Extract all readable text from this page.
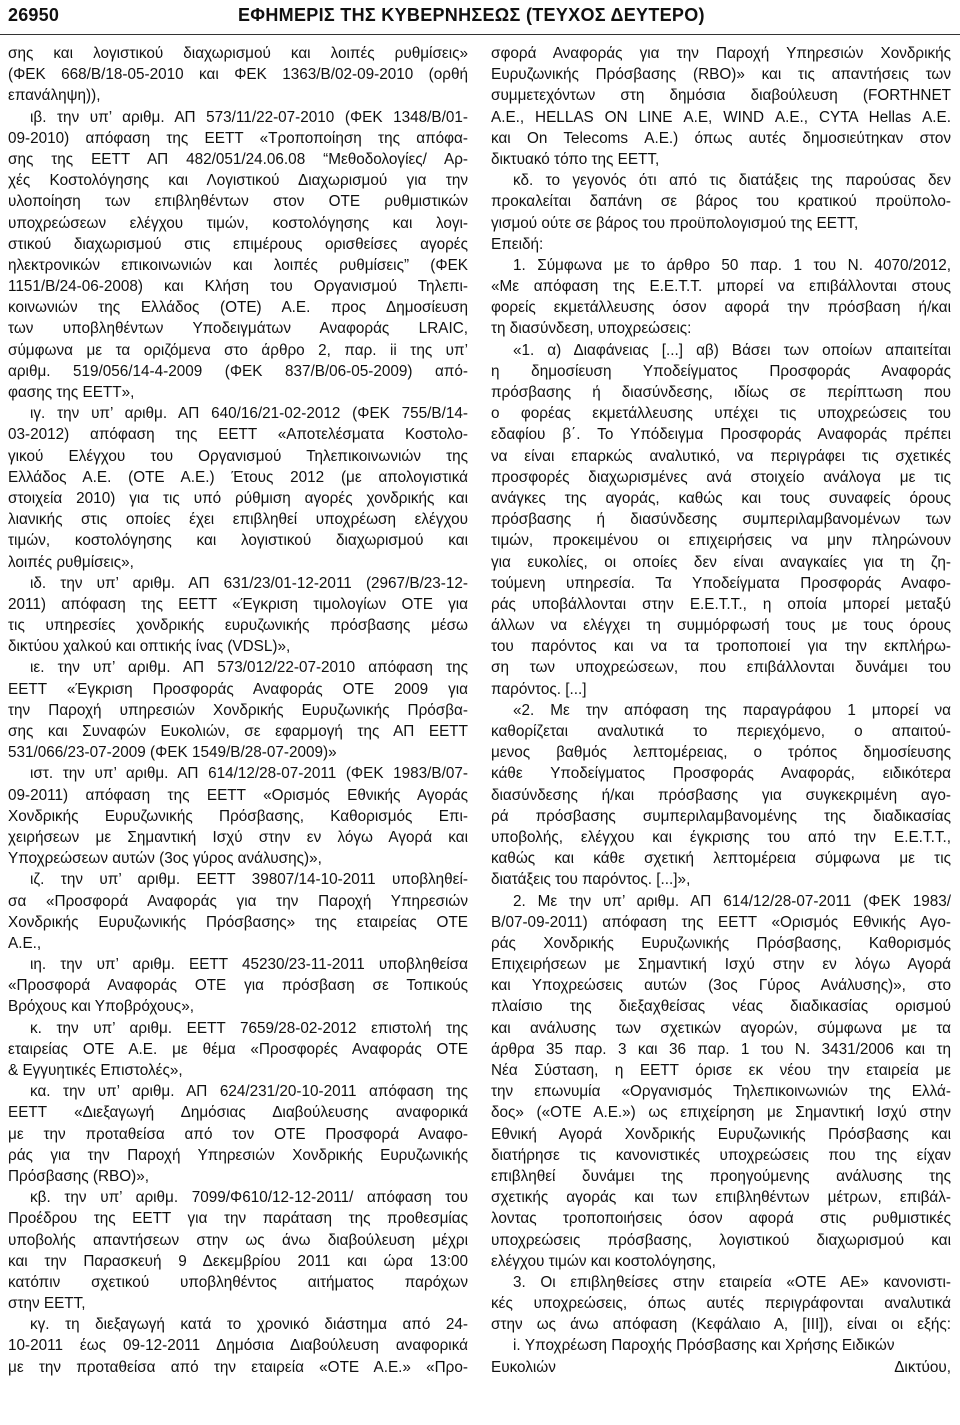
26950	ΕΦΗΜΕΡΙΣ ΤΗΣ ΚΥΒΕΡΝΗΣΕΩΣ (ΤΕΥΧΟΣ ΔΕΥΤΕΡΟ)
σης και λογιστικού διαχωρισμού και λοιπές ρυθμίσεις»
(ΦΕΚ 668/Β/18-05-2010 και ΦΕΚ 1363/Β/02-09-2010 (ορθή
επανάληψη)),
ιβ. την υπ’ αριθμ. ΑΠ 573/11/22-07-2010 (ΦΕΚ 1348/Β/01-
09-2010) απόφαση της ΕΕΤΤ «Τροποποίηση της απόφα-
σης της ΕΕΤΤ ΑΠ 482/051/24.06.08 “Μεθοδολογίες/ Αρ-
χές Κοστολόγησης και Λογιστικού Διαχωρισμού για την
υλοποίηση των επιβληθέντων στον ΟΤΕ ρυθμιστικών
υποχρεώσεων ελέγχου τιμών, κοστολόγησης και λογι-
στικού διαχωρισμού στις επιμέρους ορισθείσες αγορές
ηλεκτρονικών επικοινωνιών και λοιπές ρυθμίσεις” (ΦΕΚ
1151/Β/24-06-2008) και Κλήση του Οργανισμού Τηλεπι-
κοινωνιών της Ελλάδος (ΟΤΕ) Α.Ε. προς Δημοσίευση
των υποβληθέντων Υποδειγμάτων Αναφοράς LRAIC,
σύμφωνα με τα οριζόμενα στο άρθρο 2, παρ. ii της υπ’
αριθμ. 519/056/14-4-2009 (ΦΕΚ 837/Β/06-05-2009) από-
φασης της ΕΕΤΤ»,
ιγ. την υπ’ αριθμ. ΑΠ 640/16/21-02-2012 (ΦΕΚ 755/Β/14-
03-2012) απόφαση της ΕΕΤΤ «Αποτελέσματα Κοστολο-
γικού Ελέγχου του Οργανισμού Τηλεπικοινωνιών της
Ελλάδος Α.Ε. (ΟΤΕ Α.Ε.) Έτους 2012 (με απολογιστικά
στοιχεία 2010) για τις υπό ρύθμιση αγορές χονδρικής και
λιανικής στις οποίες έχει επιβληθεί υποχρέωση ελέγχου
τιμών, κοστολόγησης και λογιστικού διαχωρισμού και
λοιπές ρυθμίσεις»,
ιδ. την υπ’ αριθμ. ΑΠ 631/23/01-12-2011 (2967/Β/23-12-
2011) απόφαση της ΕΕΤΤ «Έγκριση τιμολογίων ΟΤΕ για
τις υπηρεσίες χονδρικής ευρυζωνικής πρόσβασης μέσω
δικτύου χαλκού και οπτικής ίνας (VDSL)»,
ιε. την υπ’ αριθμ. ΑΠ 573/012/22-07-2010 απόφαση της
ΕΕΤΤ «Έγκριση Προσφοράς Αναφοράς ΟΤΕ 2009 για
την Παροχή υπηρεσιών Χονδρικής Ευρυζωνικής Πρόσβα-
σης και Συναφών Ευκολιών, σε εφαρμογή της ΑΠ ΕΕΤΤ
531/066/23-07-2009 (ΦΕΚ 1549/Β/28-07-2009)»
ιστ. την υπ’ αριθμ. ΑΠ 614/12/28-07-2011 (ΦΕΚ 1983/Β/07-
09-2011) απόφαση της ΕΕΤΤ «Ορισμός Εθνικής Αγοράς
Χονδρικής Ευρυζωνικής Πρόσβασης, Καθορισμός Επι-
χειρήσεων με Σημαντική Ισχύ στην εν λόγω Αγορά και
Υποχρεώσεων αυτών (3ος γύρος ανάλυσης)»,
ιζ. την υπ’ αριθμ. ΕΕΤΤ 39807/14-10-2011 υποβληθεί-
σα «Προσφορά Αναφοράς για την Παροχή Υπηρεσιών
Χονδρικής Ευρυζωνικής Πρόσβασης» της εταιρείας ΟΤΕ
Α.Ε.,
ιη. την υπ’ αριθμ. ΕΕΤΤ 45230/23-11-2011 υποβληθείσα
«Προσφορά Αναφοράς ΟΤΕ για πρόσβαση σε Τοπικούς
Βρόχους και Υποβρόχους»,
κ. την υπ’ αριθμ. ΕΕΤΤ 7659/28-02-2012 επιστολή της
εταιρείας ΟΤΕ Α.Ε. με θέμα «Προσφορές Αναφοράς ΟΤΕ
& Εγγυητικές Επιστολές»,
κα. την υπ’ αριθμ. ΑΠ 624/231/20-10-2011 απόφαση της
ΕΕΤΤ «Διεξαγωγή Δημόσιας Διαβούλευσης αναφορικά
με την προταθείσα από τον ΟΤΕ Προσφορά Αναφο-
ράς για την Παροχή Υπηρεσιών Χονδρικής Ευρυζωνικής
Πρόσβασης (RBO)»,
κβ. την υπ’ αριθμ. 7099/Φ610/12-12-2011/ απόφαση του
Προέδρου της ΕΕΤΤ για την παράταση της προθεσμίας
υποβολής απαντήσεων στην ως άνω διαβούλευση μέχρι
και την Παρασκευή 9 Δεκεμβρίου 2011 και ώρα 13:00
κατόπιν σχετικού υποβληθέντος αιτήματος παρόχων
στην ΕΕΤΤ,
κγ. τη διεξαγωγή κατά το χρονικό διάστημα από 24-
10-2011 έως 09-12-2011 Δημόσια Διαβούλευση αναφορικά
με την προταθείσα από την εταιρεία «ΟΤΕ Α.Ε.» «Προ-
σφορά Αναφοράς για την Παροχή Υπηρεσιών Χονδρικής
Ευρυζωνικής Πρόσβασης (RBO)» και τις απαντήσεις των
συμμετεχόντων στη δημόσια διαβούλευση (FORTHNET
Α.Ε., HELLAS ON LINE Α.Ε, WIND Α.Ε., CYTA Hellas Α.Ε.
και On Telecoms Α.Ε.) όπως αυτές δημοσιεύτηκαν στον
δικτυακό τόπο της ΕΕΤΤ,
κδ. το γεγονός ότι από τις διατάξεις της παρούσας δεν
προκαλείται δαπάνη σε βάρος του κρατικού προϋπολο-
γισμού ούτε σε βάρος του προϋπολογισμού της ΕΕΤΤ,
Επειδή:
1. Σύμφωνα με το άρθρο 50 παρ. 1 του Ν. 4070/2012,
«Με απόφαση της Ε.Ε.Τ.Τ. μπορεί να επιβάλλονται στους
φορείς εκμετάλλευσης όσον αφορά την πρόσβαση ή/και
τη διασύνδεση, υποχρεώσεις:
«1. α) Διαφάνειας [...] αβ) Βάσει των οποίων απαιτείται
η δημοσίευση Υποδείγματος Προσφοράς Αναφοράς
πρόσβασης ή διασύνδεσης, ιδίως σε περίπτωση που
ο φορέας εκμετάλλευσης υπέχει τις υποχρεώσεις του
εδαφίου β΄. Το Υπόδειγμα Προσφοράς Αναφοράς πρέπει
να είναι επαρκώς αναλυτικό, να περιγράφει τις σχετικές
προσφορές διαχωρισμένες ανά στοιχείο ανάλογα με τις
ανάγκες της αγοράς, καθώς και τους συναφείς όρους
πρόσβασης ή διασύνδεσης συμπεριλαμβανομένων των
τιμών, προκειμένου οι επιχειρήσεις να μην πληρώνουν
για ευκολίες, οι οποίες δεν είναι αναγκαίες για τη ζη-
τούμενη υπηρεσία. Τα Υποδείγματα Προσφοράς Αναφο-
ράς υποβάλλονται στην Ε.Ε.Τ.Τ., η οποία μπορεί μεταξύ
άλλων να ελέγχει τη συμμόρφωσή τους με τους όρους
του παρόντος και να τα τροποποιεί για την εκπλήρω-
ση των υποχρεώσεων, που επιβάλλονται δυνάμει του
παρόντος. [...]
«2. Με την απόφαση της παραγράφου 1 μπορεί να
καθορίζεται αναλυτικά το περιεχόμενο, ο απαιτού-
μενος βαθμός λεπτομέρειας, ο τρόπος δημοσίευσης
κάθε Υποδείγματος Προσφοράς Αναφοράς, ειδικότερα
διασύνδεσης ή/και πρόσβασης για συγκεκριμένη αγο-
ρά πρόσβασης συμπεριλαμβανομένης της διαδικασίας
υποβολής, ελέγχου και έγκρισης του από την Ε.Ε.Τ.Τ.,
καθώς και κάθε σχετική λεπτομέρεια σύμφωνα με τις
διατάξεις του παρόντος. [...]»,
2. Με την υπ’ αριθμ. ΑΠ 614/12/28-07-2011 (ΦΕΚ 1983/
Β/07-09-2011) απόφαση της ΕΕΤΤ «Ορισμός Εθνικής Αγο-
ράς Χονδρικής Ευρυζωνικής Πρόσβασης, Καθορισμός
Επιχειρήσεων με Σημαντική Ισχύ στην εν λόγω Αγορά
και Υποχρεώσεις αυτών (3ος Γύρος Ανάλυσης)», στο
πλαίσιο της διεξαχθείσας νέας διαδικασίας ορισμού
και ανάλυσης των σχετικών αγορών, σύμφωνα με τα
άρθρα 35 παρ. 3 και 36 παρ. 1 του Ν. 3431/2006 και τη
Νέα Σύσταση, η ΕΕΤΤ όρισε εκ νέου την εταιρεία με
την επωνυμία «Οργανισμός Τηλεπικοινωνιών της Ελλά-
δος» («ΟΤΕ Α.Ε.») ως επιχείρηση με Σημαντική Ισχύ στην
Εθνική Αγορά Χονδρικής Ευρυζωνικής Πρόσβασης και
διατήρησε τις κανονιστικές υποχρεώσεις που της είχαν
επιβληθεί δυνάμει της προηγούμενης ανάλυσης της
σχετικής αγοράς και των επιβληθέντων μέτρων, επιβάλ-
λοντας τροποποιήσεις όσον αφορά στις ρυθμιστικές
υποχρεώσεις πρόσβασης, λογιστικού διαχωρισμού και
ελέγχου τιμών και κοστολόγησης,
3. Οι επιβληθείσες στην εταιρεία «ΟΤΕ ΑΕ» κανονιστι-
κές υποχρεώσεις, όπως αυτές περιγράφονται αναλυτικά
στην ως άνω απόφαση (Κεφάλαιο Α, [III]), είναι οι εξής:
i. Υποχρέωση Παροχής Πρόσβασης και Χρήσης Ειδικών
Ευκολιών Δικτύου,
